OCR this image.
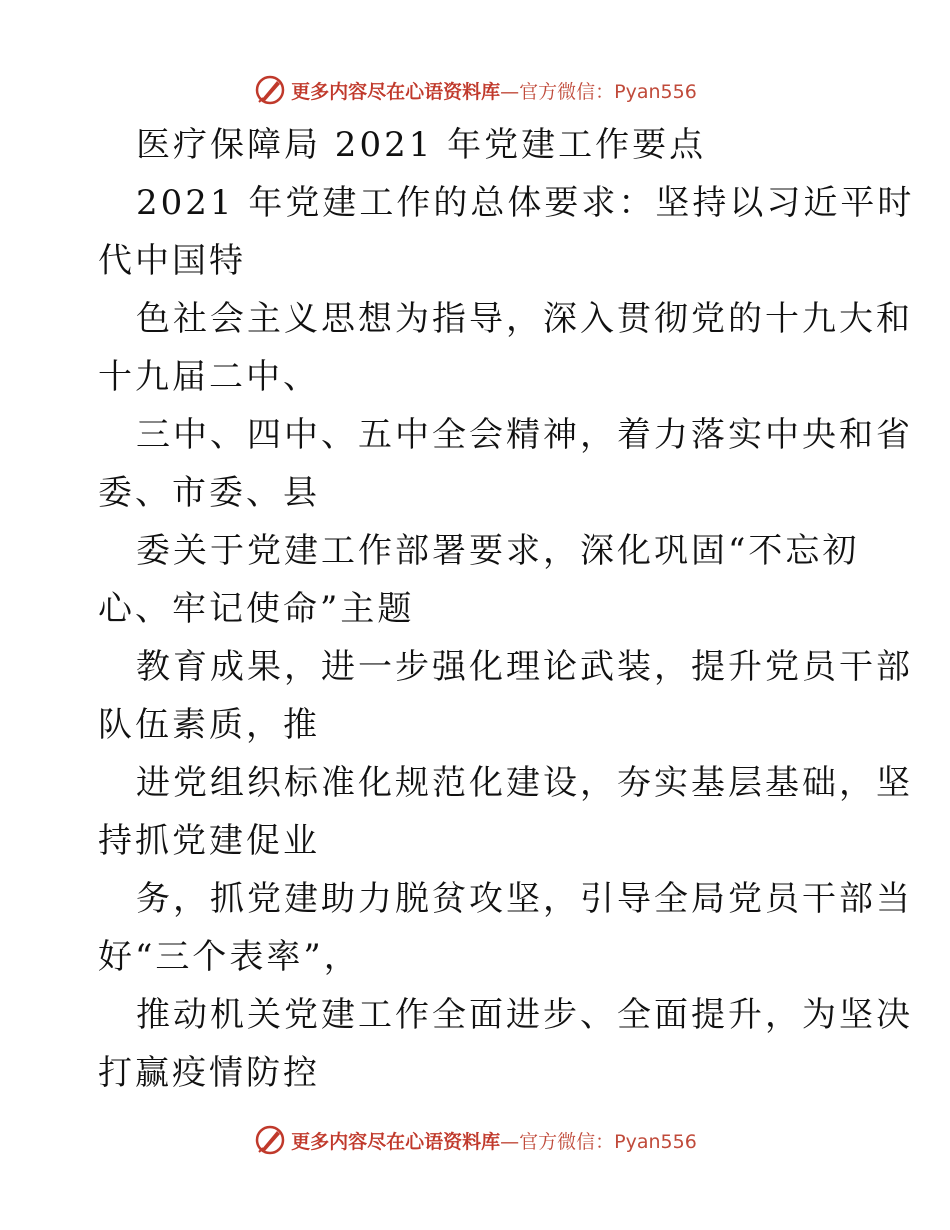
更多内容尽在心语资料库—官方微信：Pyan556
医疗保障局 2021 年党建工作要点
2021 年党建工作的总体要求：坚持以习近平时
代中国特
色社会主义思想为指导，深入贯彻党的十九大和
十九届二中、
三中、四中、五中全会精神，着力落实中央和省
委、市委、县
委关于党建工作部署要求，深化巩固“不忘初
心、牢记使命”主题
教育成果，进一步强化理论武装，提升党员干部
队伍素质，推
进党组织标准化规范化建设，夯实基层基础，坚
持抓党建促业
务，抓党建助力脱贫攻坚，引导全局党员干部当
好“三个表率”，
推动机关党建工作全面进步、全面提升，为坚决
打赢疫情防控
更多内容尽在心语资料库—官方微信：Pyan556
